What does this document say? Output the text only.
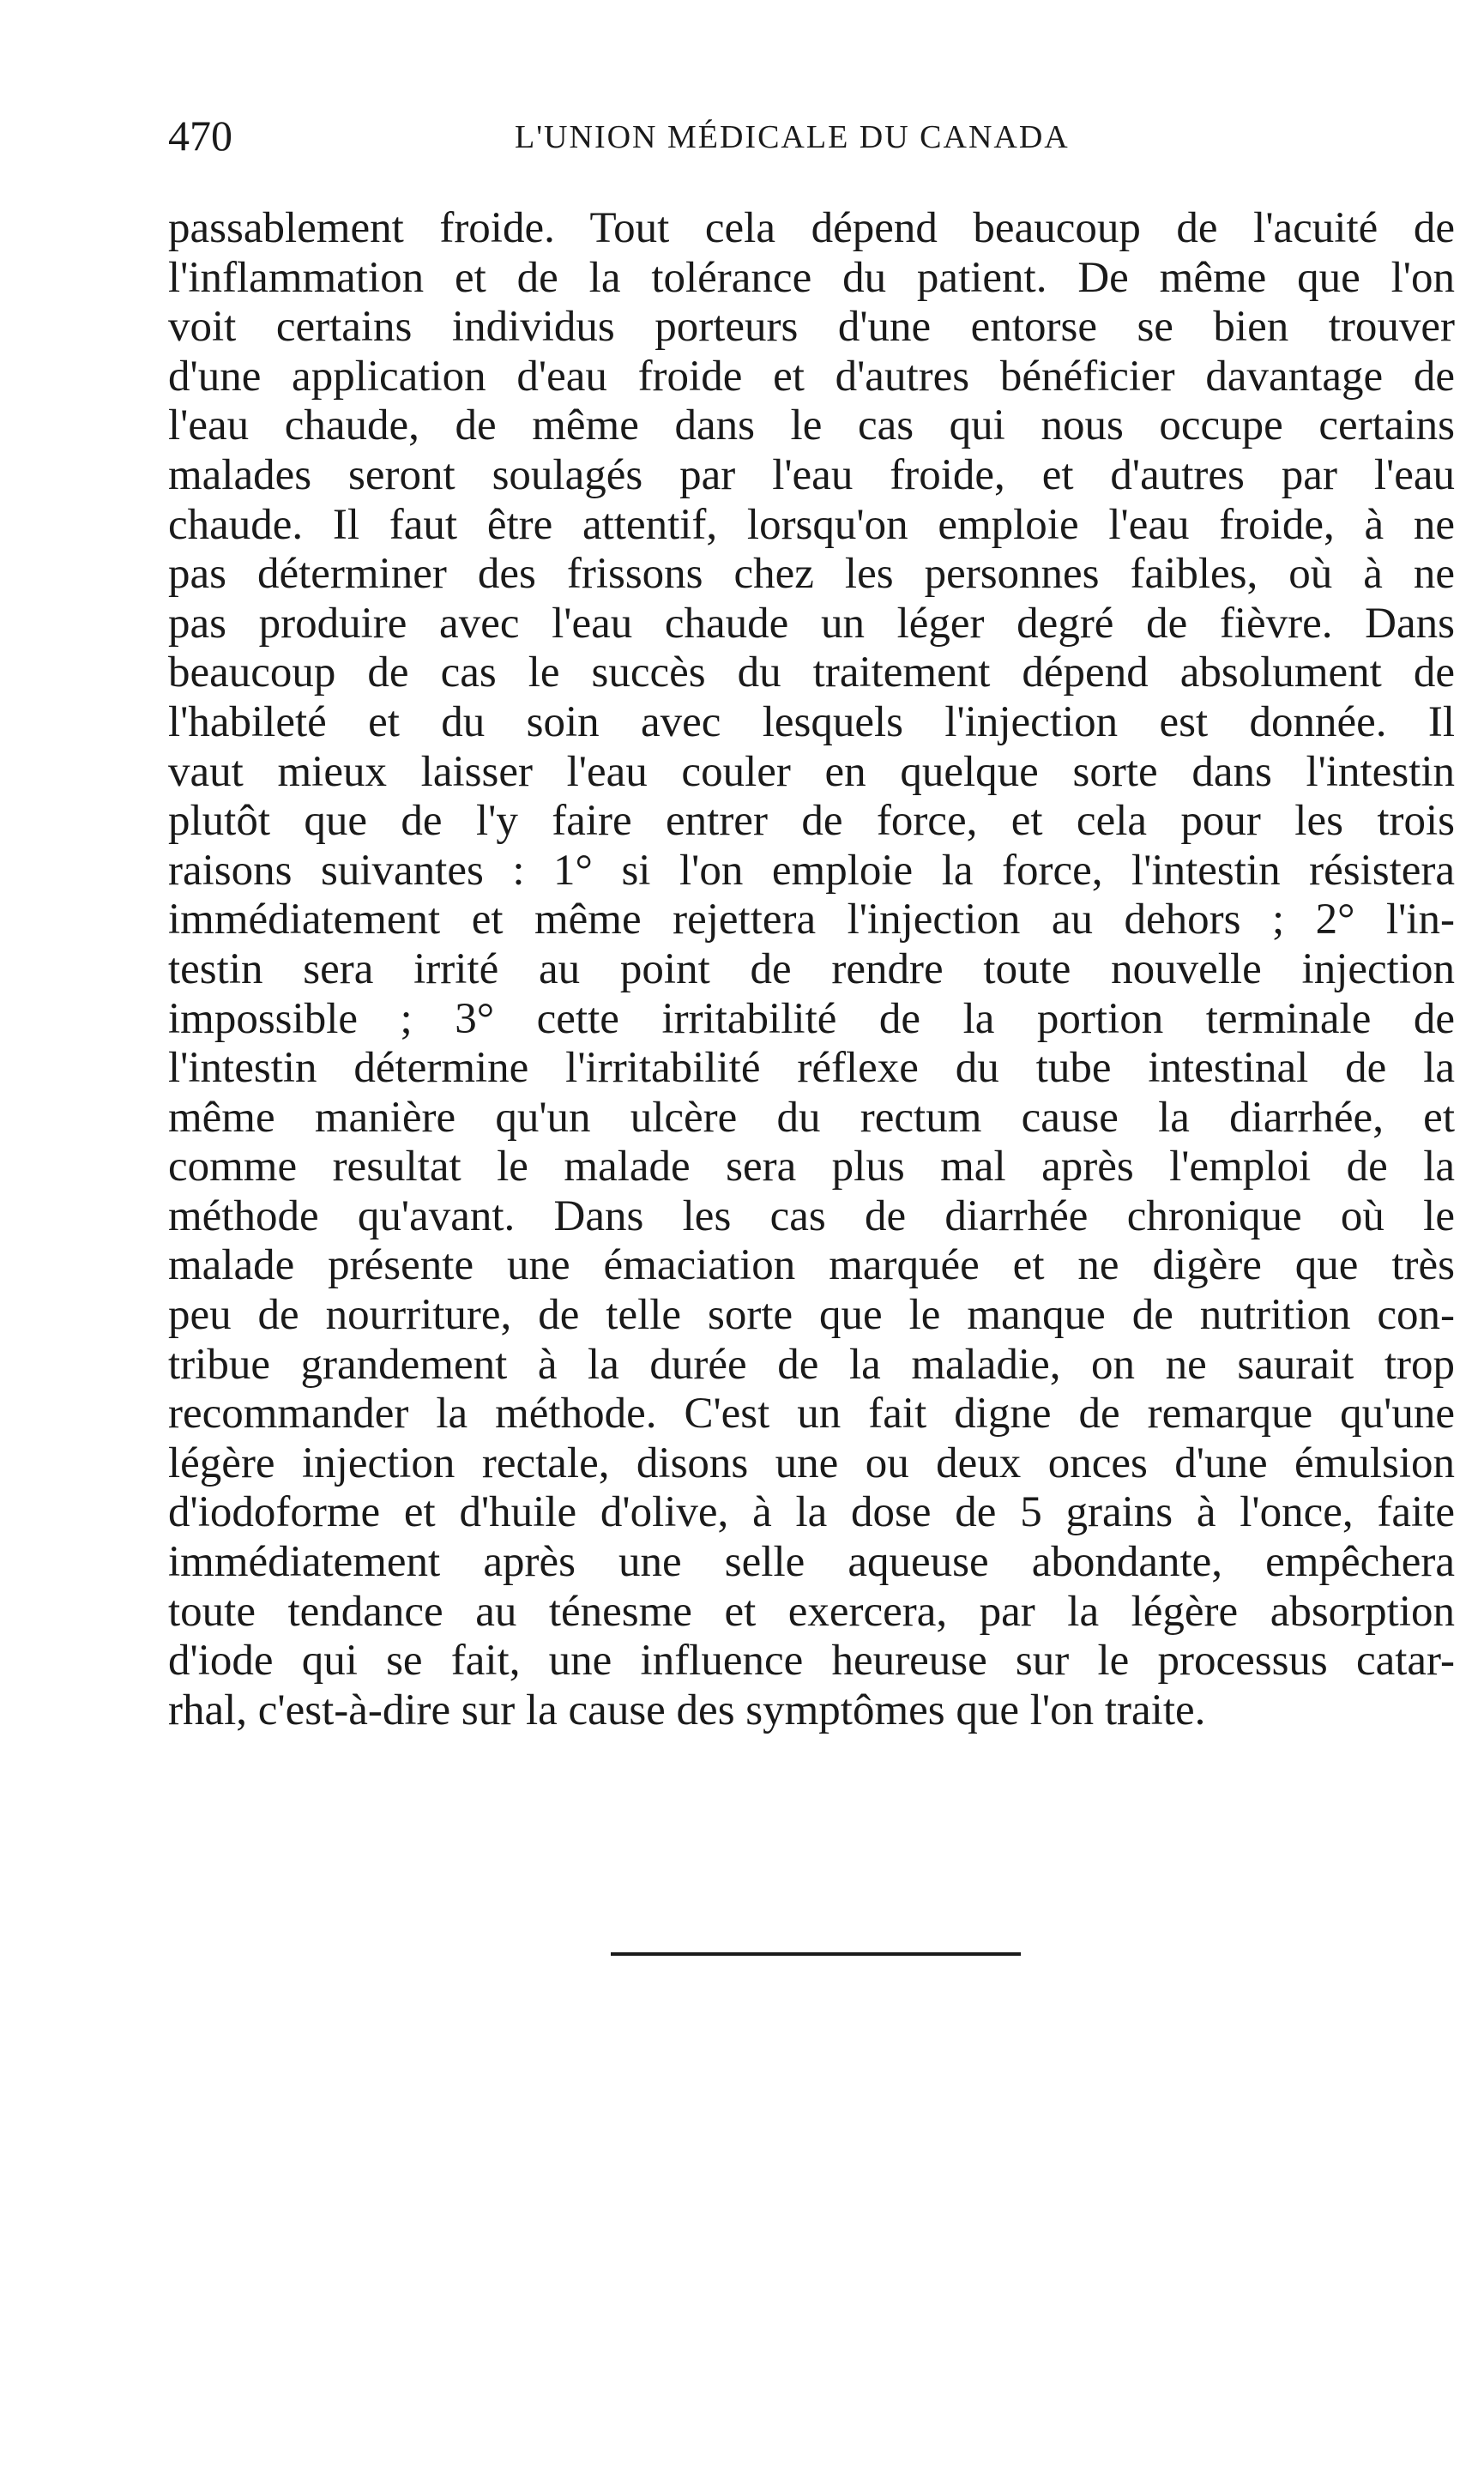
470	L'UNION MÉDICALE DU CANADA
passablement froide. Tout cela dépend beaucoup de l'acuité de
l'inflammation et de la tolérance du patient. De même que l'on
voit certains individus porteurs d'une entorse se bien trouver
d'une application d'eau froide et d'autres bénéficier davantage de
l'eau chaude, de même dans le cas qui nous occupe certains
malades seront soulagés par l'eau froide, et d'autres par l'eau
chaude. Il faut être attentif, lorsqu'on emploie l'eau froide, à ne
pas déterminer des frissons chez les personnes faibles, où à ne
pas produire avec l'eau chaude un léger degré de fièvre. Dans
beaucoup de cas le succès du traitement dépend absolument de
l'habileté et du soin avec lesquels l'injection est donnée. Il
vaut mieux laisser l'eau couler en quelque sorte dans l'intestin
plutôt que de l'y faire entrer de force, et cela pour les trois
raisons suivantes : 1° si l'on emploie la force, l'intestin résistera
immédiatement et même rejettera l'injection au dehors ; 2° l'in-
testin sera irrité au point de rendre toute nouvelle injection
impossible ; 3° cette irritabilité de la portion terminale de
l'intestin détermine l'irritabilité réflexe du tube intestinal de la
même manière qu'un ulcère du rectum cause la diarrhée, et
comme resultat le malade sera plus mal après l'emploi de la
méthode qu'avant. Dans les cas de diarrhée chronique où le
malade présente une émaciation marquée et ne digère que très
peu de nourriture, de telle sorte que le manque de nutrition con-
tribue grandement à la durée de la maladie, on ne saurait trop
recommander la méthode. C'est un fait digne de remarque qu'une
légère injection rectale, disons une ou deux onces d'une émulsion
d'iodoforme et d'huile d'olive, à la dose de 5 grains à l'once, faite
immédiatement après une selle aqueuse abondante, empêchera
toute tendance au ténesme et exercera, par la légère absorption
d'iode qui se fait, une influence heureuse sur le processus catar-
rhal, c'est-à-dire sur la cause des symptômes que l'on traite.
